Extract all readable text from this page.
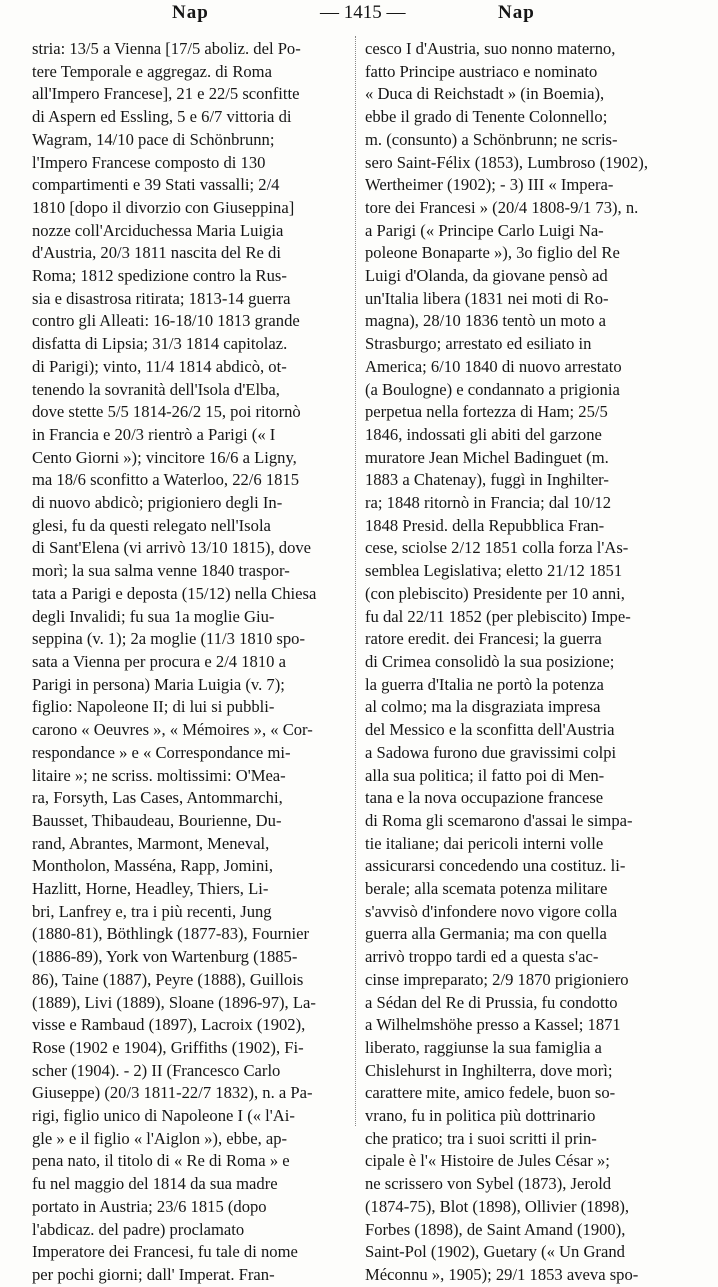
Nap	— 1415 —	Nap
stria: 13/5 a Vienna [17/5 aboliz. del Po-
tere Temporale e aggregaz. di Roma
all'Impero Francese], 21 e 22/5 sconfitte
di Aspern ed Essling, 5 e 6/7 vittoria di
Wagram, 14/10 pace di Schönbrunn;
l'Impero Francese composto di 130
compartimenti e 39 Stati vassalli; 2/4
1810 [dopo il divorzio con Giuseppina]
nozze coll'Arciduchessa Maria Luigia
d'Austria, 20/3 1811 nascita del Re di
Roma; 1812 spedizione contro la Rus-
sia e disastrosa ritirata; 1813-14 guerra
contro gli Alleati: 16-18/10 1813 grande
disfatta di Lipsia; 31/3 1814 capitolaz.
di Parigi); vinto, 11/4 1814 abdicò, ot-
tenendo la sovranità dell'Isola d'Elba,
dove stette 5/5 1814-26/2 15, poi ritornò
in Francia e 20/3 rientrò a Parigi (« I
Cento Giorni »); vincitore 16/6 a Ligny,
ma 18/6 sconfitto a Waterloo, 22/6 1815
di nuovo abdicò; prigioniero degli In-
glesi, fu da questi relegato nell'Isola
di Sant'Elena (vi arrivò 13/10 1815), dove
morì; la sua salma venne 1840 traspor-
tata a Parigi e deposta (15/12) nella Chiesa
degli Invalidi; fu sua 1a moglie Giu-
seppina (v. 1); 2a moglie (11/3 1810 spo-
sata a Vienna per procura e 2/4 1810 a
Parigi in persona) Maria Luigia (v. 7);
figlio: Napoleone II; di lui si pubbli-
carono « Oeuvres », « Mémoires », « Cor-
respondance » e « Correspondance mi-
litaire »; ne scriss. moltissimi: O'Mea-
ra, Forsyth, Las Cases, Antommarchi,
Bausset, Thibaudeau, Bourienne, Du-
rand, Abrantes, Marmont, Meneval,
Montholon, Masséna, Rapp, Jomini,
Hazlitt, Horne, Headley, Thiers, Li-
bri, Lanfrey e, tra i più recenti, Jung
(1880-81), Böthlingk (1877-83), Fournier
(1886-89), York von Wartenburg (1885-
86), Taine (1887), Peyre (1888), Guillois
(1889), Livi (1889), Sloane (1896-97), La-
visse e Rambaud (1897), Lacroix (1902),
Rose (1902 e 1904), Griffiths (1902), Fi-
scher (1904). - 2) II (Francesco Carlo
Giuseppe) (20/3 1811-22/7 1832), n. a Pa-
rigi, figlio unico di Napoleone I (« l'Ai-
gle » e il figlio « l'Aiglon »), ebbe, ap-
pena nato, il titolo di « Re di Roma » e
fu nel maggio del 1814 da sua madre
portato in Austria; 23/6 1815 (dopo
l'abdicaz. del padre) proclamato
Imperatore dei Francesi, fu tale di nome
per pochi giorni; dall' Imperat. Fran-
cesco I d'Austria, suo nonno materno,
fatto Principe austriaco e nominato
« Duca di Reichstadt » (in Boemia),
ebbe il grado di Tenente Colonnello;
m. (consunto) a Schönbrunn; ne scris-
sero Saint-Félix (1853), Lumbroso (1902),
Wertheimer (1902); - 3) III « Impera-
tore dei Francesi » (20/4 1808-9/1 73), n.
a Parigi (« Principe Carlo Luigi Na-
poleone Bonaparte »), 3o figlio del Re
Luigi d'Olanda, da giovane pensò ad
un'Italia libera (1831 nei moti di Ro-
magna), 28/10 1836 tentò un moto a
Strasburgo; arrestato ed esiliato in
America; 6/10 1840 di nuovo arrestato
(a Boulogne) e condannato a prigionia
perpetua nella fortezza di Ham; 25/5
1846, indossati gli abiti del garzone
muratore Jean Michel Badinguet (m.
1883 a Chatenay), fuggì in Inghilter-
ra; 1848 ritornò in Francia; dal 10/12
1848 Presid. della Repubblica Fran-
cese, sciolse 2/12 1851 colla forza l'As-
semblea Legislativa; eletto 21/12 1851
(con plebiscito) Presidente per 10 anni,
fu dal 22/11 1852 (per plebiscito) Impe-
ratore eredit. dei Francesi; la guerra
di Crimea consolidò la sua posizione;
la guerra d'Italia ne portò la potenza
al colmo; ma la disgraziata impresa
del Messico e la sconfitta dell'Austria
a Sadowa furono due gravissimi colpi
alla sua politica; il fatto poi di Men-
tana e la nova occupazione francese
di Roma gli scemarono d'assai le simpa-
tie italiane; dai pericoli interni volle
assicurarsi concedendo una costituz. li-
berale; alla scemata potenza militare
s'avvisò d'infondere novo vigore colla
guerra alla Germania; ma con quella
arrivò troppo tardi ed a questa s'ac-
cinse impreparato; 2/9 1870 prigioniero
a Sédan del Re di Prussia, fu condotto
a Wilhelmshöhe presso a Kassel; 1871
liberato, raggiunse la sua famiglia a
Chislehurst in Inghilterra, dove morì;
carattere mite, amico fedele, buon so-
vrano, fu in politica più dottrinario
che pratico; tra i suoi scritti il prin-
cipale è l'« Histoire de Jules César »;
ne scrissero von Sybel (1873), Jerold
(1874-75), Blot (1898), Ollivier (1898),
Forbes (1898), de Saint Amand (1900),
Saint-Pol (1902), Guetary (« Un Grand
Méconnu », 1905); 29/1 1853 aveva spo-
